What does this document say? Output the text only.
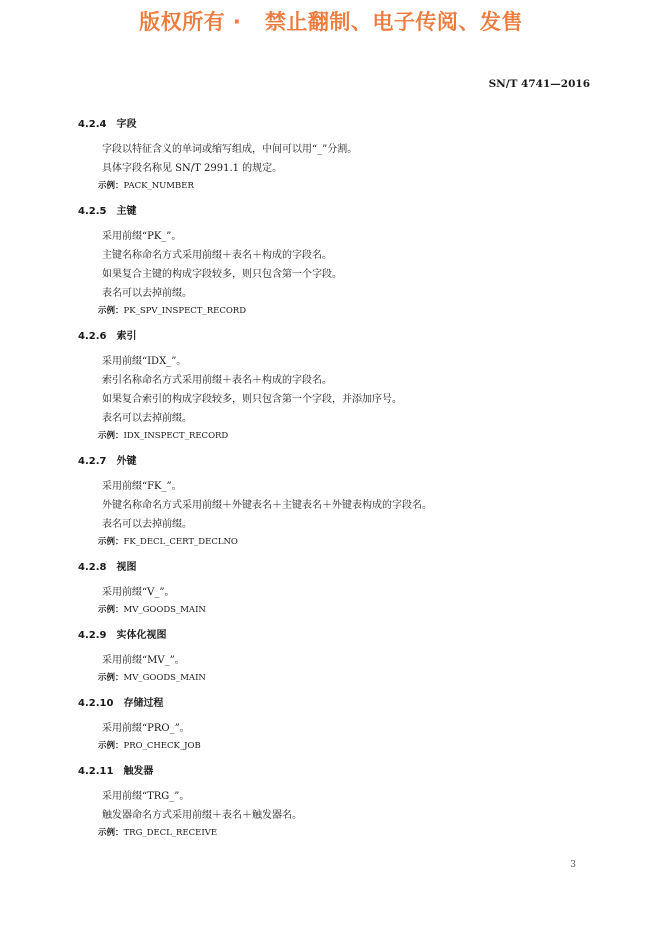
版权所有 ·   禁止翻制、电子传阅、发售
SN/T 4741—2016
4.2.4 字段
字段以特征含义的单词或缩写组成，中间可以用“_”分割。
具体字段名称见 SN/T 2991.1 的规定。
示例：PACK_NUMBER
4.2.5 主键
采用前缀“PK_”。
主键名称命名方式采用前缀＋表名＋构成的字段名。
如果复合主键的构成字段较多，则只包含第一个字段。
表名可以去掉前缀。
示例：PK_SPV_INSPECT_RECORD
4.2.6 索引
采用前缀“IDX_”。
索引名称命名方式采用前缀＋表名＋构成的字段名。
如果复合索引的构成字段较多，则只包含第一个字段，并添加序号。
表名可以去掉前缀。
示例：IDX_INSPECT_RECORD
4.2.7 外键
采用前缀“FK_”。
外键名称命名方式采用前缀＋外键表名＋主键表名＋外键表构成的字段名。
表名可以去掉前缀。
示例：FK_DECL_CERT_DECLNO
4.2.8 视图
采用前缀“V_”。
示例：MV_GOODS_MAIN
4.2.9 实体化视图
采用前缀“MV_”。
示例：MV_GOODS_MAIN
4.2.10 存储过程
采用前缀“PRO_”。
示例：PRO_CHECK_JOB
4.2.11 触发器
采用前缀“TRG_”。
触发器命名方式采用前缀＋表名＋触发器名。
示例：TRG_DECL_RECEIVE
3
